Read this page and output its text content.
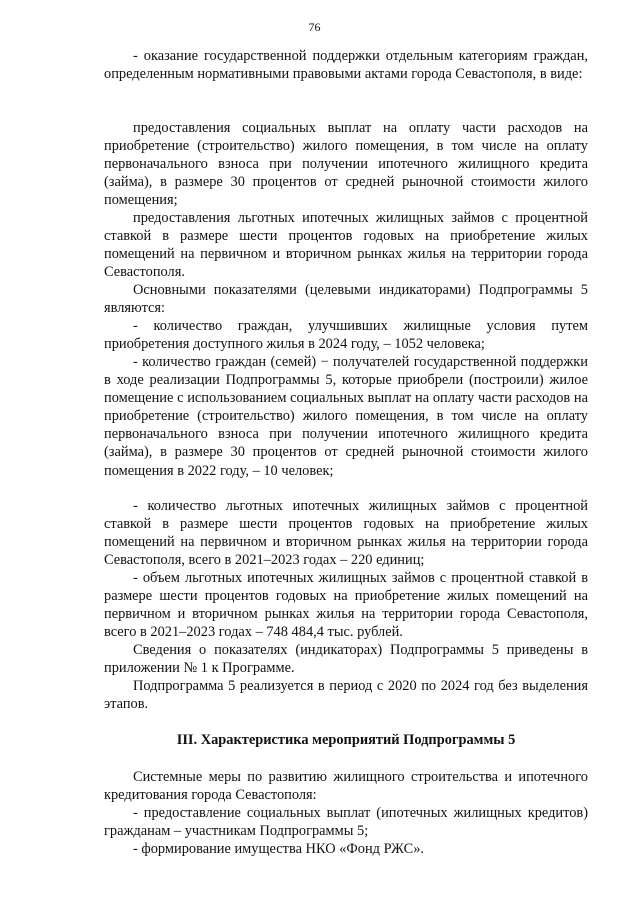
76

- оказание государственной поддержки отдельным категориям граждан, определенным нормативными правовыми актами города Севастополя, в виде:

предоставления социальных выплат на оплату части расходов на приобретение (строительство) жилого помещения, в том числе на оплату первоначального взноса при получении ипотечного жилищного кредита (займа), в размере 30 процентов от средней рыночной стоимости жилого помещения;

предоставления льготных ипотечных жилищных займов с процентной ставкой в размере шести процентов годовых на приобретение жилых помещений на первичном и вторичном рынках жилья на территории города Севастополя.

Основными показателями (целевыми индикаторами) Подпрограммы 5 являются:

- количество граждан, улучшивших жилищные условия путем приобретения доступного жилья в 2024 году, – 1052 человека;

- количество граждан (семей) − получателей государственной поддержки в ходе реализации Подпрограммы 5, которые приобрели (построили) жилое помещение с использованием социальных выплат на оплату части расходов на приобретение (строительство) жилого помещения, в том числе на оплату первоначального взноса при получении ипотечного жилищного кредита (займа), в размере 30 процентов от средней рыночной стоимости жилого помещения в 2022 году, – 10 человек;

- количество льготных ипотечных жилищных займов с процентной ставкой в размере шести процентов годовых на приобретение жилых помещений на первичном и вторичном рынках жилья на территории города Севастополя, всего в 2021–2023 годах – 220 единиц;

- объем льготных ипотечных жилищных займов с процентной ставкой в размере шести процентов годовых на приобретение жилых помещений на первичном и вторичном рынках жилья на территории города Севастополя, всего в 2021–2023 годах – 748 484,4 тыс. рублей.

Сведения о показателях (индикаторах) Подпрограммы 5 приведены в приложении № 1 к Программе.

Подпрограмма 5 реализуется в период с 2020 по 2024 год без выделения этапов.

III. Характеристика мероприятий Подпрограммы 5

Системные меры по развитию жилищного строительства и ипотечного кредитования города Севастополя:

- предоставление социальных выплат (ипотечных жилищных кредитов) гражданам – участникам Подпрограммы 5;

- формирование имущества НКО «Фонд РЖС».
